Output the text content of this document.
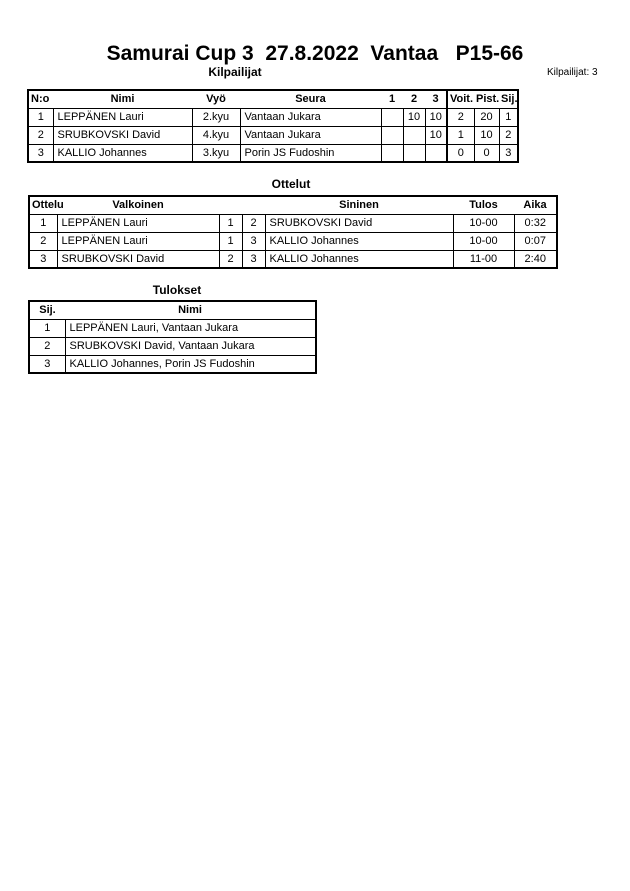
Samurai Cup 3  27.8.2022  Vantaa   P15-66
Kilpailijat	Kilpailijat: 3
N:o	Nimi	Vyö	Seura	1	2	3	Voit.	Pist.	Sij.
1	LEPPÄNEN Lauri	2.kyu	Vantaan Jukara		10	10	2	20	1
2	SRUBKOVSKI David	4.kyu	Vantaan Jukara			10	1	10	2
3	KALLIO Johannes	3.kyu	Porin JS Fudoshin				0	0	3
Ottelut
Ottelu	Valkoinen			Sininen	Tulos	Aika
1	LEPPÄNEN Lauri	1	2	SRUBKOVSKI David	10-00	0:32
2	LEPPÄNEN Lauri	1	3	KALLIO Johannes	10-00	0:07
3	SRUBKOVSKI David	2	3	KALLIO Johannes	11-00	2:40
Tulokset
Sij.	Nimi
1	LEPPÄNEN Lauri, Vantaan Jukara
2	SRUBKOVSKI David, Vantaan Jukara
3	KALLIO Johannes, Porin JS Fudoshin
